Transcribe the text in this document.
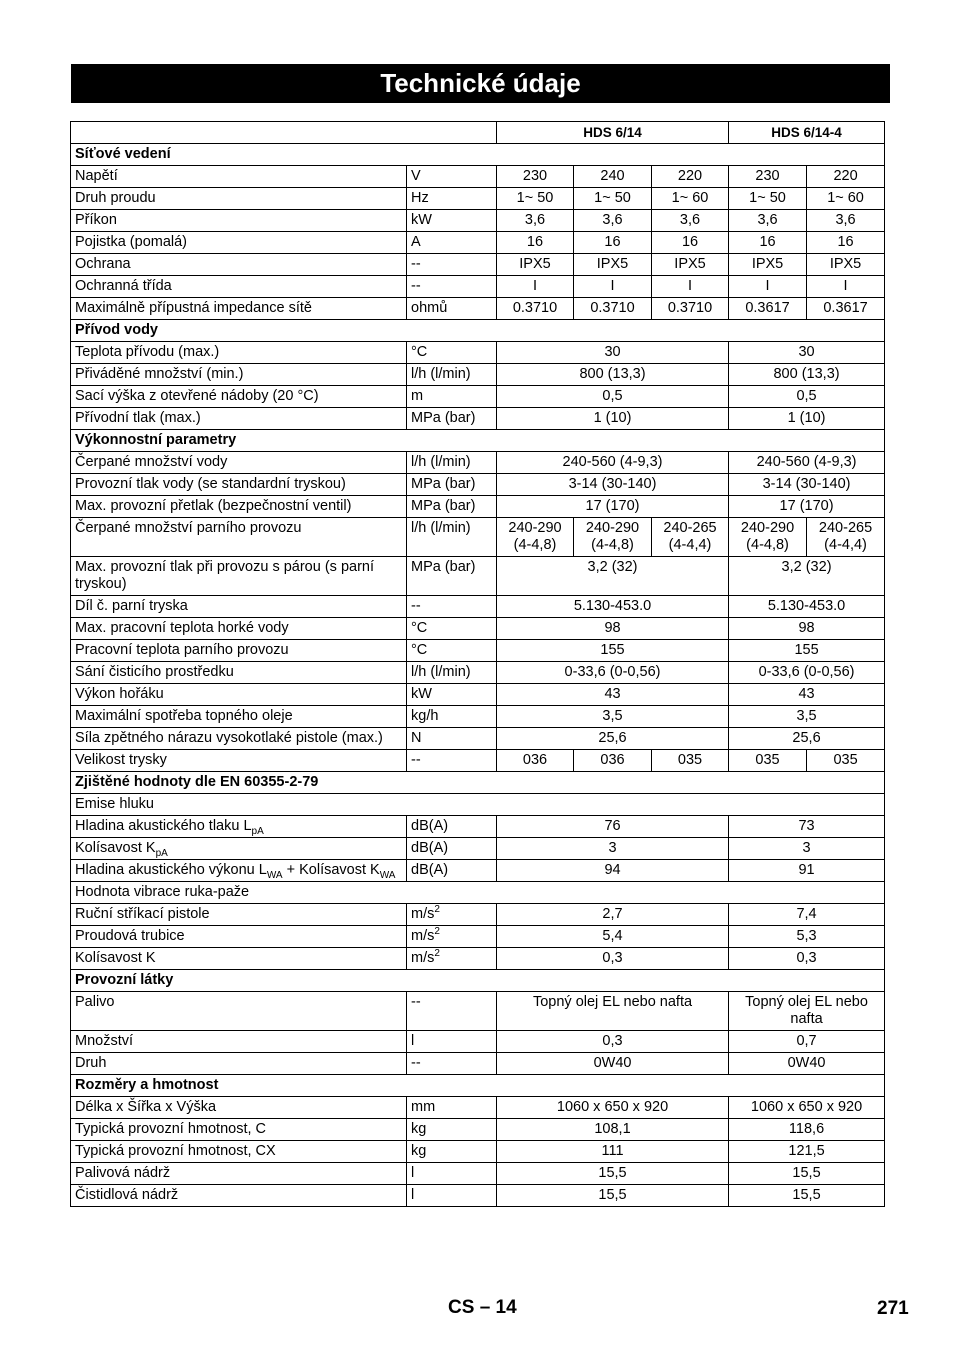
Technické údaje
		HDS 6/14			HDS 6/14-4	
Síťové vedení						
Napětí	V	230	240	220	230	220
Druh proudu	Hz	1~ 50	1~ 50	1~ 60	1~ 50	1~ 60
Příkon	kW	3,6	3,6	3,6	3,6	3,6
Pojistka (pomalá)	A	16	16	16	16	16
Ochrana	--	IPX5	IPX5	IPX5	IPX5	IPX5
Ochranná třída	--	I	I	I	I	I
Maximálně přípustná impedance sítě	ohmů	0.3710	0.3710	0.3710	0.3617	0.3617
Přívod vody						
Teplota přívodu (max.)	°C	30			30	
Přiváděné množství (min.)	l/h (l/min)	800 (13,3)			800 (13,3)	
Sací výška z otevřené nádoby (20 °C)	m	0,5			0,5	
Přívodní tlak (max.)	MPa (bar)	1 (10)			1 (10)	
Výkonnostní parametry						
Čerpané množství vody	l/h (l/min)	240-560 (4-9,3)			240-560 (4-9,3)	
Provozní tlak vody (se standardní tryskou)	MPa (bar)	3-14 (30-140)			3-14 (30-140)	
Max. provozní přetlak (bezpečnostní ventil)	MPa (bar)	17 (170)			17 (170)	
Čerpané množství parního provozu	l/h (l/min)	240-290 (4-4,8)	240-290 (4-4,8)	240-265 (4-4,4)	240-290 (4-4,8)	240-265 (4-4,4)
Max. provozní tlak při provozu s párou (s parní tryskou)	MPa (bar)	3,2 (32)			3,2 (32)	
Díl č. parní tryska	--	5.130-453.0			5.130-453.0	
Max. pracovní teplota horké vody	°C	98			98	
Pracovní teplota parního provozu	°C	155			155	
Sání čisticího prostředku	l/h (l/min)	0-33,6 (0-0,56)			0-33,6 (0-0,56)	
Výkon hořáku	kW	43			43	
Maximální spotřeba topného oleje	kg/h	3,5			3,5	
Síla zpětného nárazu vysokotlaké pistole (max.)	N	25,6			25,6	
Velikost trysky	--	036	036	035	035	035
Zjištěné hodnoty dle EN 60355-2-79						
Emise hluku						
Hladina akustického tlaku $L_{pA}$	dB(A)	76			73	
Kolísavost $K_{pA}$	dB(A)	3			3	
Hladina akustického výkonu $L_{WA}$ + Kolísavost $K_{WA}$	dB(A)	94			91	
Hodnota vibrace ruka-paže						
Ruční stříkací pistole	$m/s^2$	2,7			7,4	
Proudová trubice	$m/s^2$	5,4			5,3	
Kolísavost K	$m/s^2$	0,3			0,3	
Provozní látky						
Palivo	--	Topný olej EL nebo nafta			Topný olej EL nebo nafta	
Množství	l	0,3			0,7	
Druh	--	0W40			0W40	
Rozměry a hmotnost						
Délka x Šířka x Výška	mm	1060 x 650 x 920			1060 x 650 x 920	
Typická provozní hmotnost, C	kg	108,1			118,6	
Typická provozní hmotnost, CX	kg	111			121,5	
Palivová nádrž	l	15,5			15,5	
Čistidlová nádrž	l	15,5			15,5	
CS – 14	271
